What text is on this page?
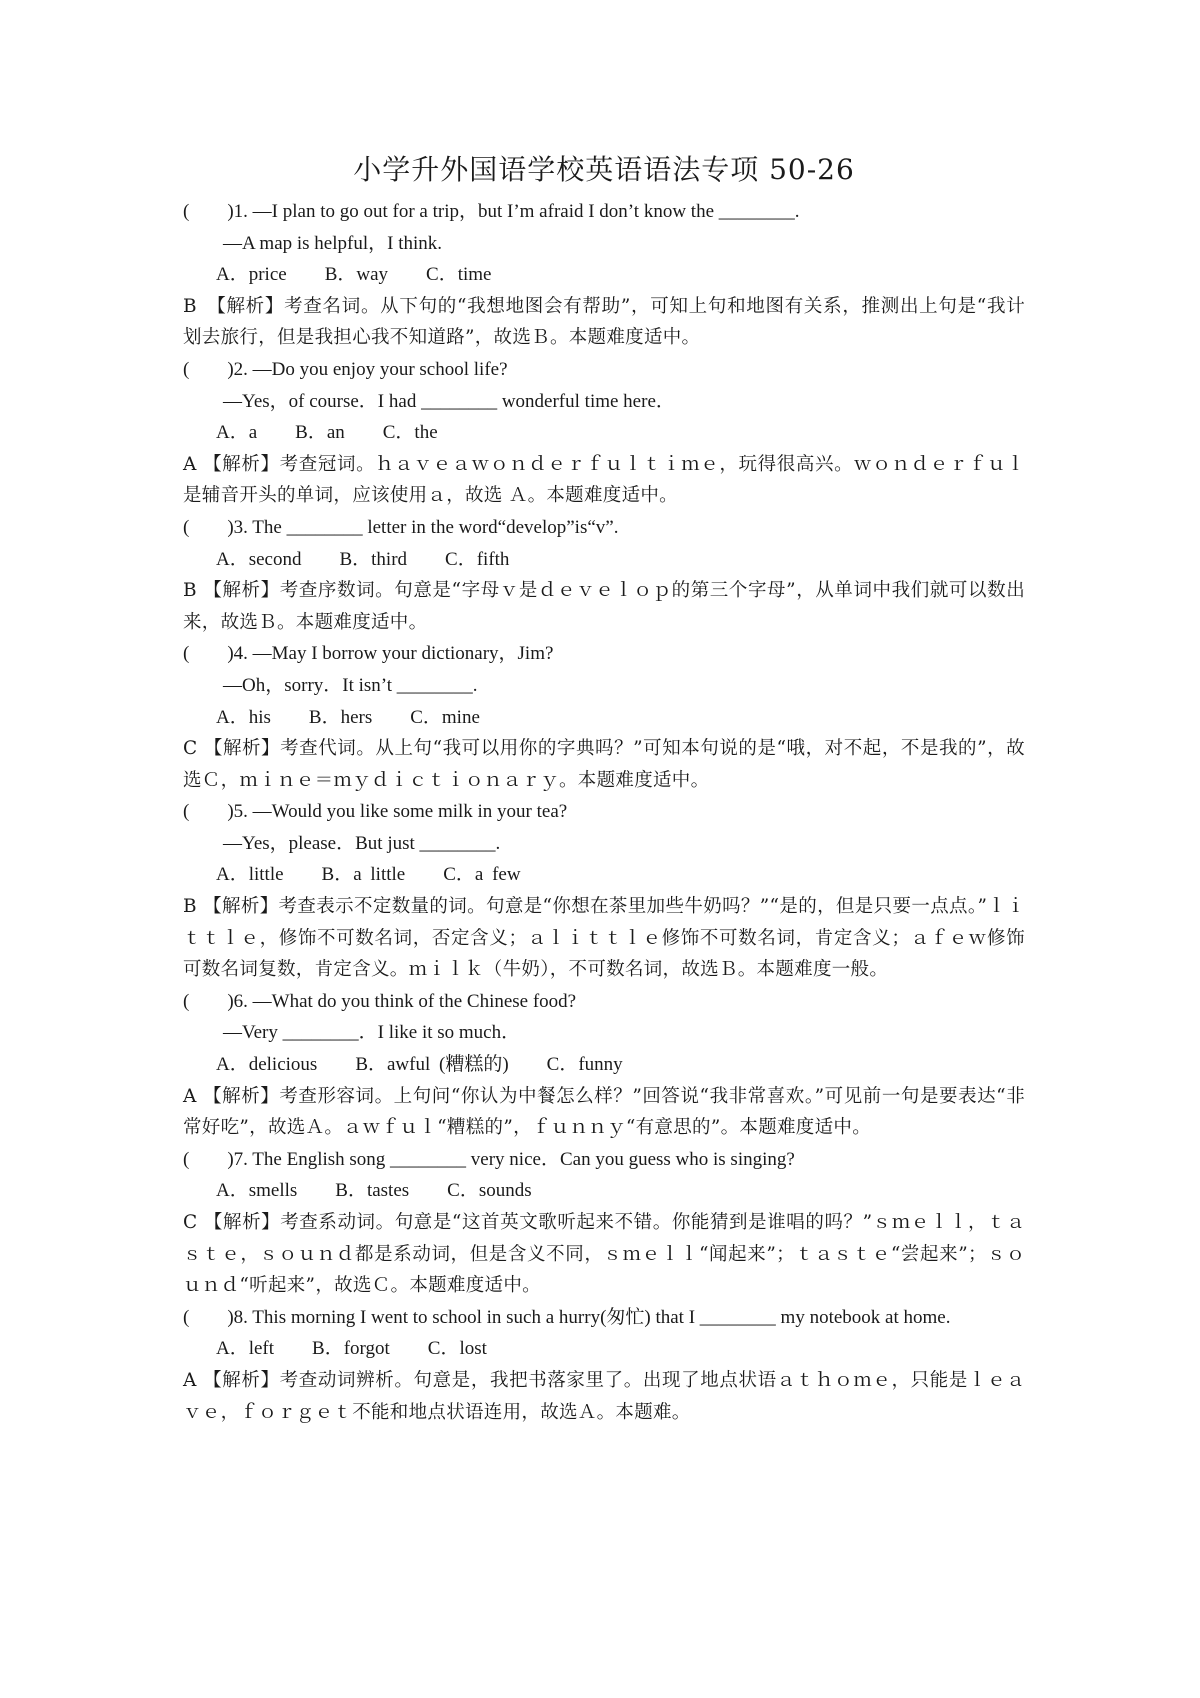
小学升外国语学校英语语法专项 50-26
(　　)1. —I plan to go out for a trip，but I’m afraid I don’t know the ________.
—A map is helpful，I think.
A．price　　B．way　　C．time
B　【解析】考查名词。从下句的“我想地图会有帮助”，可知上句和地图有关系，推测出上句是“我计划去旅行，但是我担心我不知道路”，故选Ｂ。本题难度适中。
(　　)2. —Do you enjoy your school life?
—Yes，of course．I had ________ wonderful time here．
A．a　　B．an　　C．the
A 【解析】考查冠词。ｈａｖｅａｗｏｎｄｅｒｆｕｌｔｉｍｅ，玩得很高兴。ｗｏｎｄｅｒｆｕｌ是辅音开头的单词，应该使用ａ，故选 Ａ。本题难度适中。
(　　)3. The ________ letter in the word“develop”is“v”.
A．second　　B．third　　C．fifth
B 【解析】考查序数词。句意是“字母ｖ是ｄｅｖｅｌｏｐ的第三个字母”，从单词中我们就可以数出来，故选Ｂ。本题难度适中。
(　　)4. —May I borrow your dictionary，Jim?
—Oh，sorry．It isn’t ________.
A．his　　B．hers　　C．mine
C 【解析】考查代词。从上句“我可以用你的字典吗？”可知本句说的是“哦，对不起，不是我的”，故选Ｃ，ｍｉｎｅ＝ｍｙｄｉｃｔｉｏｎａｒｙ。本题难度适中。
(　　)5. —Would you like some milk in your tea?
—Yes，please．But just ________.
A．little　　B．a little　　C．a few
B 【解析】考查表示不定数量的词。句意是“你想在茶里加些牛奶吗？”“是的，但是只要一点点。”ｌｉｔｔｌｅ，修饰不可数名词，否定含义；ａｌｉｔｔｌｅ修饰不可数名词，肯定含义；ａｆｅｗ修饰可数名词复数，肯定含义。ｍｉｌｋ（牛奶），不可数名词，故选Ｂ。本题难度一般。
(　　)6. —What do you think of the Chinese food?
—Very ________．I like it so much．
A．delicious　　B．awful (糟糕的)　　C．funny
A 【解析】考查形容词。上句问“你认为中餐怎么样？”回答说“我非常喜欢。”可见前一句是要表达“非常好吃”，故选Ａ。ａｗｆｕｌ“糟糕的”，ｆｕｎｎｙ“有意思的”。本题难度适中。
(　　)7. The English song ________ very nice．Can you guess who is singing?
A．smells　　B．tastes　　C．sounds
C 【解析】考查系动词。句意是“这首英文歌听起来不错。你能猜到是谁唱的吗？”ｓｍｅｌｌ，ｔａｓｔｅ，ｓｏｕｎｄ都是系动词，但是含义不同，ｓｍｅｌｌ“闻起来”；ｔａｓｔｅ“尝起来”；ｓｏｕｎｄ“听起来”，故选Ｃ。本题难度适中。
(　　)8. This morning I went to school in such a hurry(匆忙) that I ________ my notebook at home.
A．left　　B．forgot　　C．lost
A 【解析】考查动词辨析。句意是，我把书落家里了。出现了地点状语ａｔｈｏｍｅ，只能是ｌｅａｖｅ，ｆｏｒｇｅｔ不能和地点状语连用，故选Ａ。本题难。
